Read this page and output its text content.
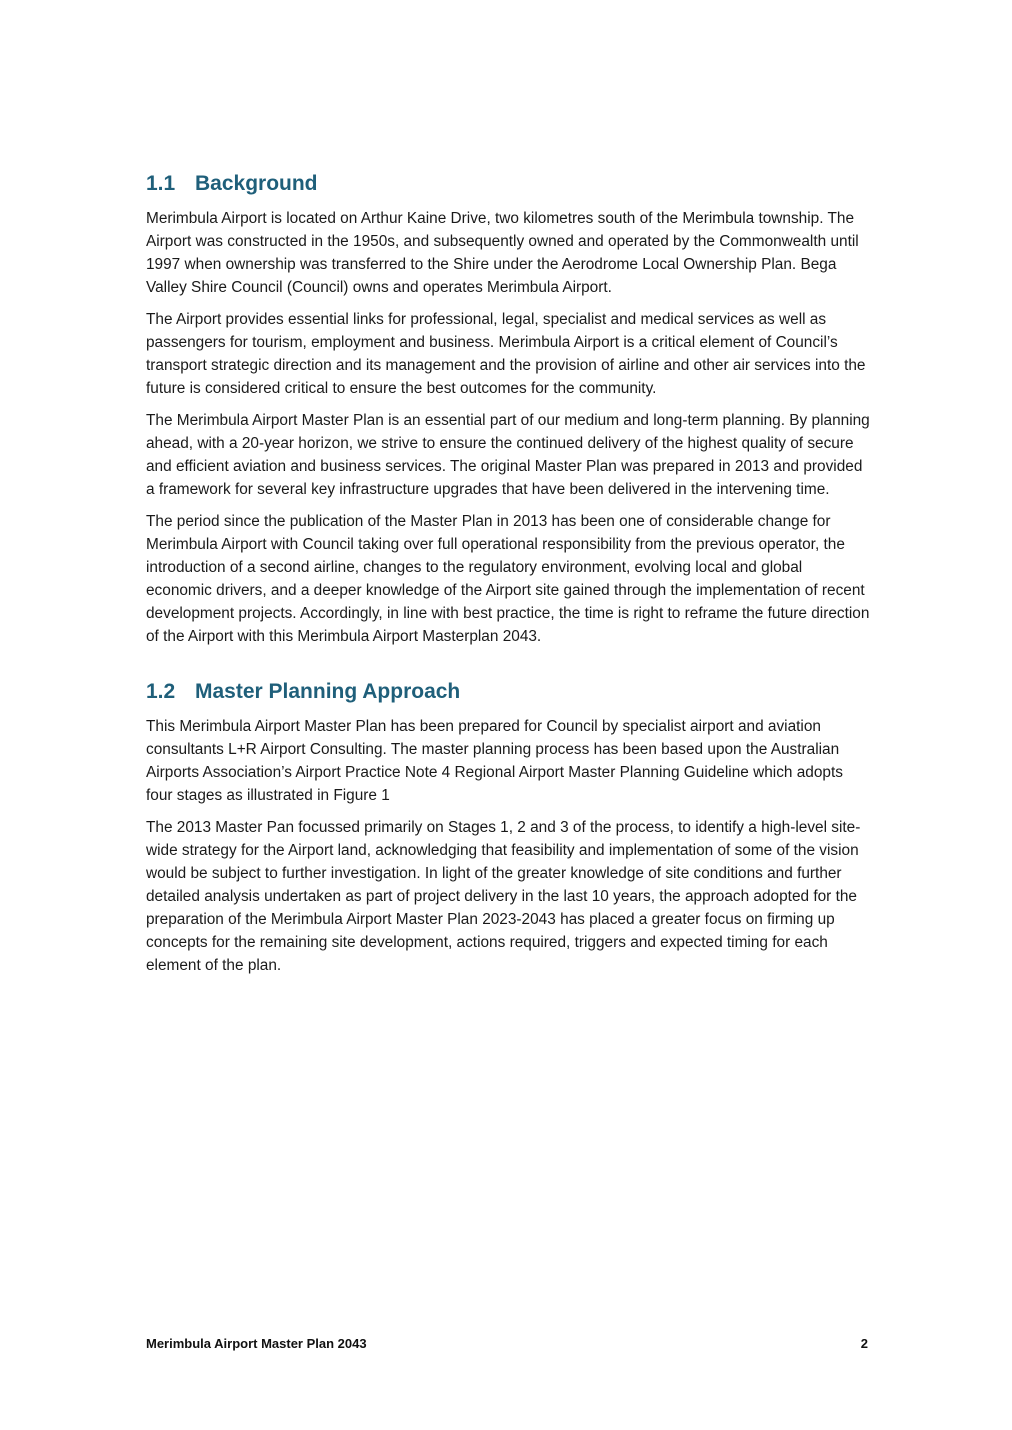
1.1 Background

Merimbula Airport is located on Arthur Kaine Drive, two kilometres south of the Merimbula township. The Airport was constructed in the 1950s, and subsequently owned and operated by the Commonwealth until 1997 when ownership was transferred to the Shire under the Aerodrome Local Ownership Plan. Bega Valley Shire Council (Council) owns and operates Merimbula Airport.

The Airport provides essential links for professional, legal, specialist and medical services as well as passengers for tourism, employment and business. Merimbula Airport is a critical element of Council’s transport strategic direction and its management and the provision of airline and other air services into the future is considered critical to ensure the best outcomes for the community.

The Merimbula Airport Master Plan is an essential part of our medium and long-term planning. By planning ahead, with a 20-year horizon, we strive to ensure the continued delivery of the highest quality of secure and efficient aviation and business services. The original Master Plan was prepared in 2013 and provided a framework for several key infrastructure upgrades that have been delivered in the intervening time.

The period since the publication of the Master Plan in 2013 has been one of considerable change for Merimbula Airport with Council taking over full operational responsibility from the previous operator, the introduction of a second airline, changes to the regulatory environment, evolving local and global economic drivers, and a deeper knowledge of the Airport site gained through the implementation of recent development projects. Accordingly, in line with best practice, the time is right to reframe the future direction of the Airport with this Merimbula Airport Masterplan 2043.

1.2 Master Planning Approach

This Merimbula Airport Master Plan has been prepared for Council by specialist airport and aviation consultants L+R Airport Consulting. The master planning process has been based upon the Australian Airports Association’s Airport Practice Note 4 Regional Airport Master Planning Guideline which adopts four stages as illustrated in Figure 1

The 2013 Master Pan focussed primarily on Stages 1, 2 and 3 of the process, to identify a high-level site-wide strategy for the Airport land, acknowledging that feasibility and implementation of some of the vision would be subject to further investigation. In light of the greater knowledge of site conditions and further detailed analysis undertaken as part of project delivery in the last 10 years, the approach adopted for the preparation of the Merimbula Airport Master Plan 2023-2043 has placed a greater focus on firming up concepts for the remaining site development, actions required, triggers and expected timing for each element of the plan.

Merimbula Airport Master Plan 2043	2
